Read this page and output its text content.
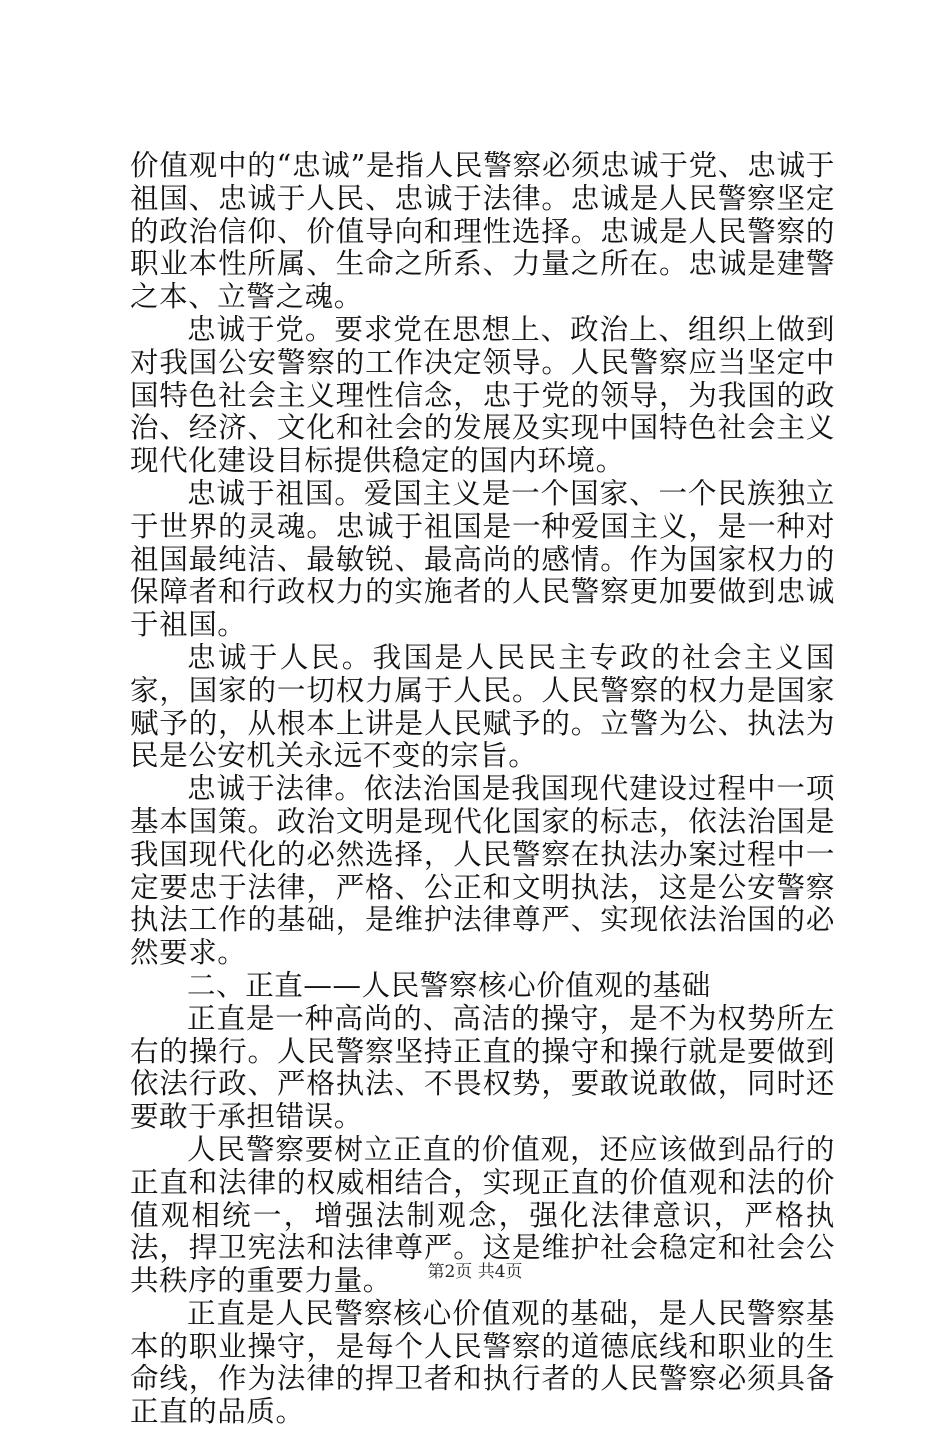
价值观中的“忠诚”是指人民警察必须忠诚于党、忠诚于祖国、忠诚于人民、忠诚于法律。忠诚是人民警察坚定的政治信仰、价值导向和理性选择。忠诚是人民警察的职业本性所属、生命之所系、力量之所在。忠诚是建警之本、立警之魂。

忠诚于党。要求党在思想上、政治上、组织上做到对我国公安警察的工作决定领导。人民警察应当坚定中国特色社会主义理性信念，忠于党的领导，为我国的政治、经济、文化和社会的发展及实现中国特色社会主义现代化建设目标提供稳定的国内环境。

忠诚于祖国。爱国主义是一个国家、一个民族独立于世界的灵魂。忠诚于祖国是一种爱国主义，是一种对祖国最纯洁、最敏锐、最高尚的感情。作为国家权力的保障者和行政权力的实施者的人民警察更加要做到忠诚于祖国。

忠诚于人民。我国是人民民主专政的社会主义国家，国家的一切权力属于人民。人民警察的权力是国家赋予的，从根本上讲是人民赋予的。立警为公、执法为民是公安机关永远不变的宗旨。

忠诚于法律。依法治国是我国现代建设过程中一项基本国策。政治文明是现代化国家的标志，依法治国是我国现代化的必然选择，人民警察在执法办案过程中一定要忠于法律，严格、公正和文明执法，这是公安警察执法工作的基础，是维护法律尊严、实现依法治国的必然要求。

二、正直——人民警察核心价值观的基础

正直是一种高尚的、高洁的操守，是不为权势所左右的操行。人民警察坚持正直的操守和操行就是要做到依法行政、严格执法、不畏权势，要敢说敢做，同时还要敢于承担错误。

人民警察要树立正直的价值观，还应该做到品行的正直和法律的权威相结合，实现正直的价值观和法的价值观相统一，增强法制观念，强化法律意识，严格执法，捍卫宪法和法律尊严。这是维护社会稳定和社会公共秩序的重要力量。

正直是人民警察核心价值观的基础，是人民警察基本的职业操守，是每个人民警察的道德底线和职业的生命线，作为法律的捍卫者和执行者的人民警察必须具备正直的品质。

第2页 共4页
